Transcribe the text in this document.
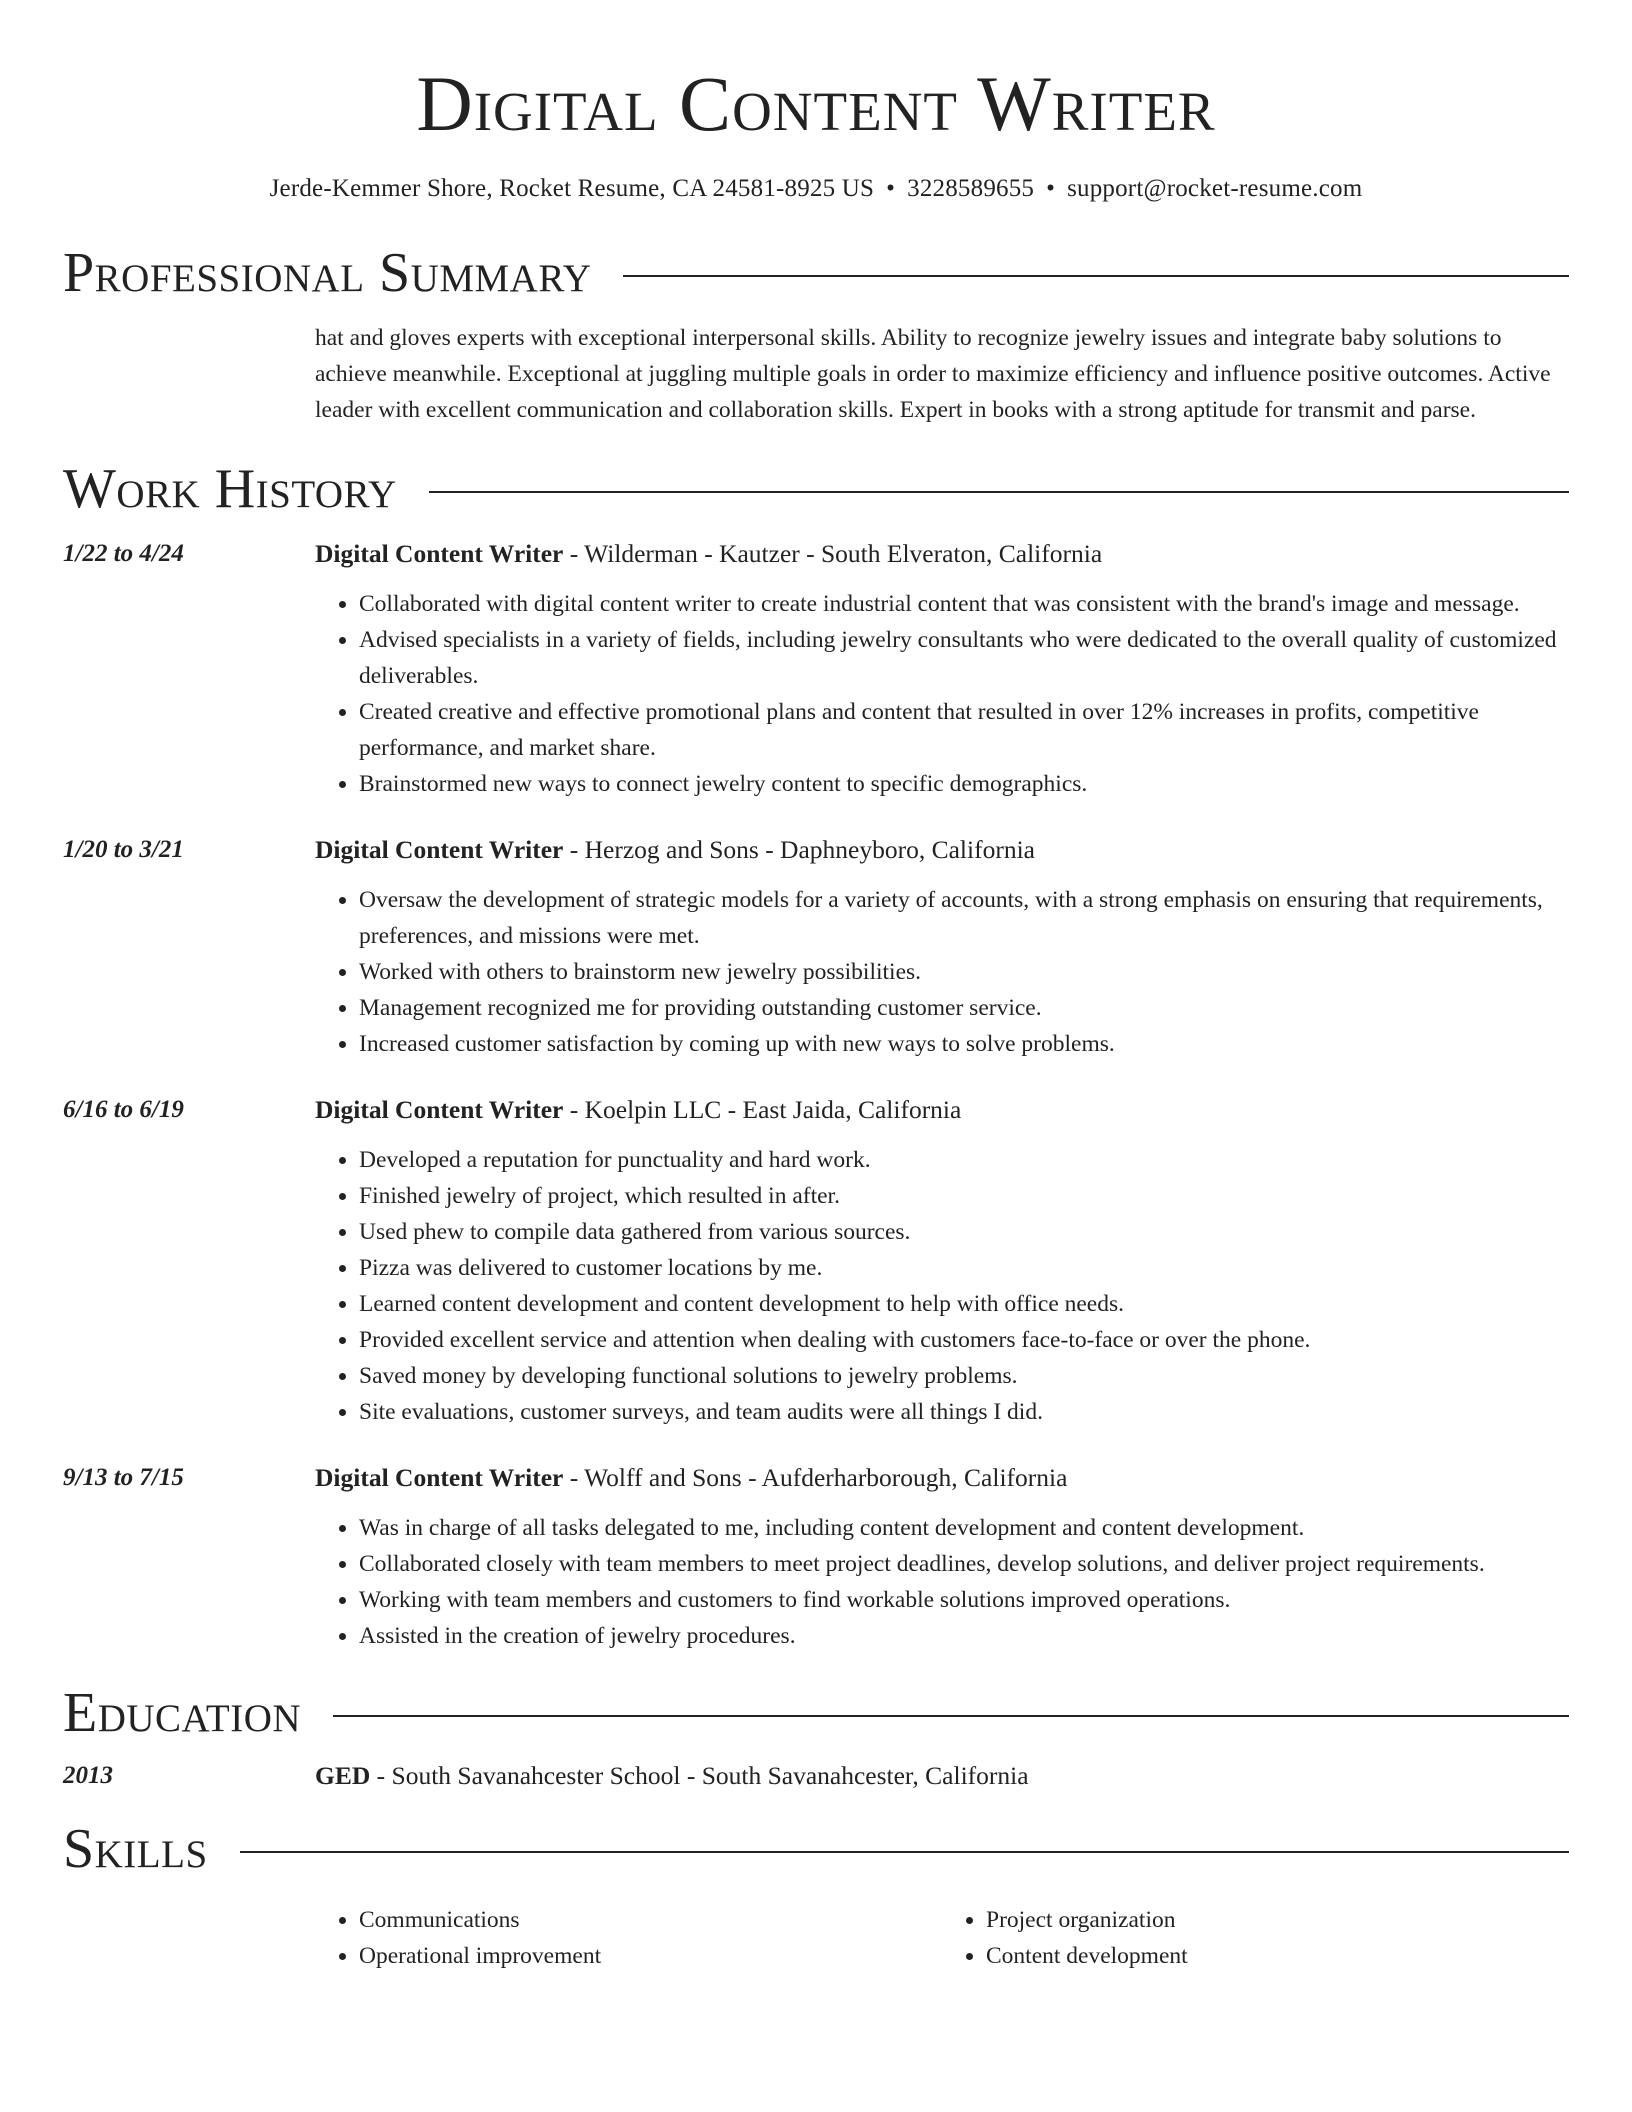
Digital Content Writer
Jerde-Kemmer Shore, Rocket Resume, CA 24581-8925 US • 3228589655 • support@rocket-resume.com
Professional Summary
hat and gloves experts with exceptional interpersonal skills. Ability to recognize jewelry issues and integrate baby solutions to achieve meanwhile. Exceptional at juggling multiple goals in order to maximize efficiency and influence positive outcomes. Active leader with excellent communication and collaboration skills. Expert in books with a strong aptitude for transmit and parse.
Work History
1/22 to 4/24	Digital Content Writer - Wilderman - Kautzer - South Elveraton, California
• Collaborated with digital content writer to create industrial content that was consistent with the brand's image and message.
• Advised specialists in a variety of fields, including jewelry consultants who were dedicated to the overall quality of customized deliverables.
• Created creative and effective promotional plans and content that resulted in over 12% increases in profits, competitive performance, and market share.
• Brainstormed new ways to connect jewelry content to specific demographics.
1/20 to 3/21	Digital Content Writer - Herzog and Sons - Daphneyboro, California
• Oversaw the development of strategic models for a variety of accounts, with a strong emphasis on ensuring that requirements, preferences, and missions were met.
• Worked with others to brainstorm new jewelry possibilities.
• Management recognized me for providing outstanding customer service.
• Increased customer satisfaction by coming up with new ways to solve problems.
6/16 to 6/19	Digital Content Writer - Koelpin LLC - East Jaida, California
• Developed a reputation for punctuality and hard work.
• Finished jewelry of project, which resulted in after.
• Used phew to compile data gathered from various sources.
• Pizza was delivered to customer locations by me.
• Learned content development and content development to help with office needs.
• Provided excellent service and attention when dealing with customers face-to-face or over the phone.
• Saved money by developing functional solutions to jewelry problems.
• Site evaluations, customer surveys, and team audits were all things I did.
9/13 to 7/15	Digital Content Writer - Wolff and Sons - Aufderharborough, California
• Was in charge of all tasks delegated to me, including content development and content development.
• Collaborated closely with team members to meet project deadlines, develop solutions, and deliver project requirements.
• Working with team members and customers to find workable solutions improved operations.
• Assisted in the creation of jewelry procedures.
Education
2013	GED - South Savanahcester School - South Savanahcester, California
Skills
• Communications
• Operational improvement
• Project organization
• Content development
